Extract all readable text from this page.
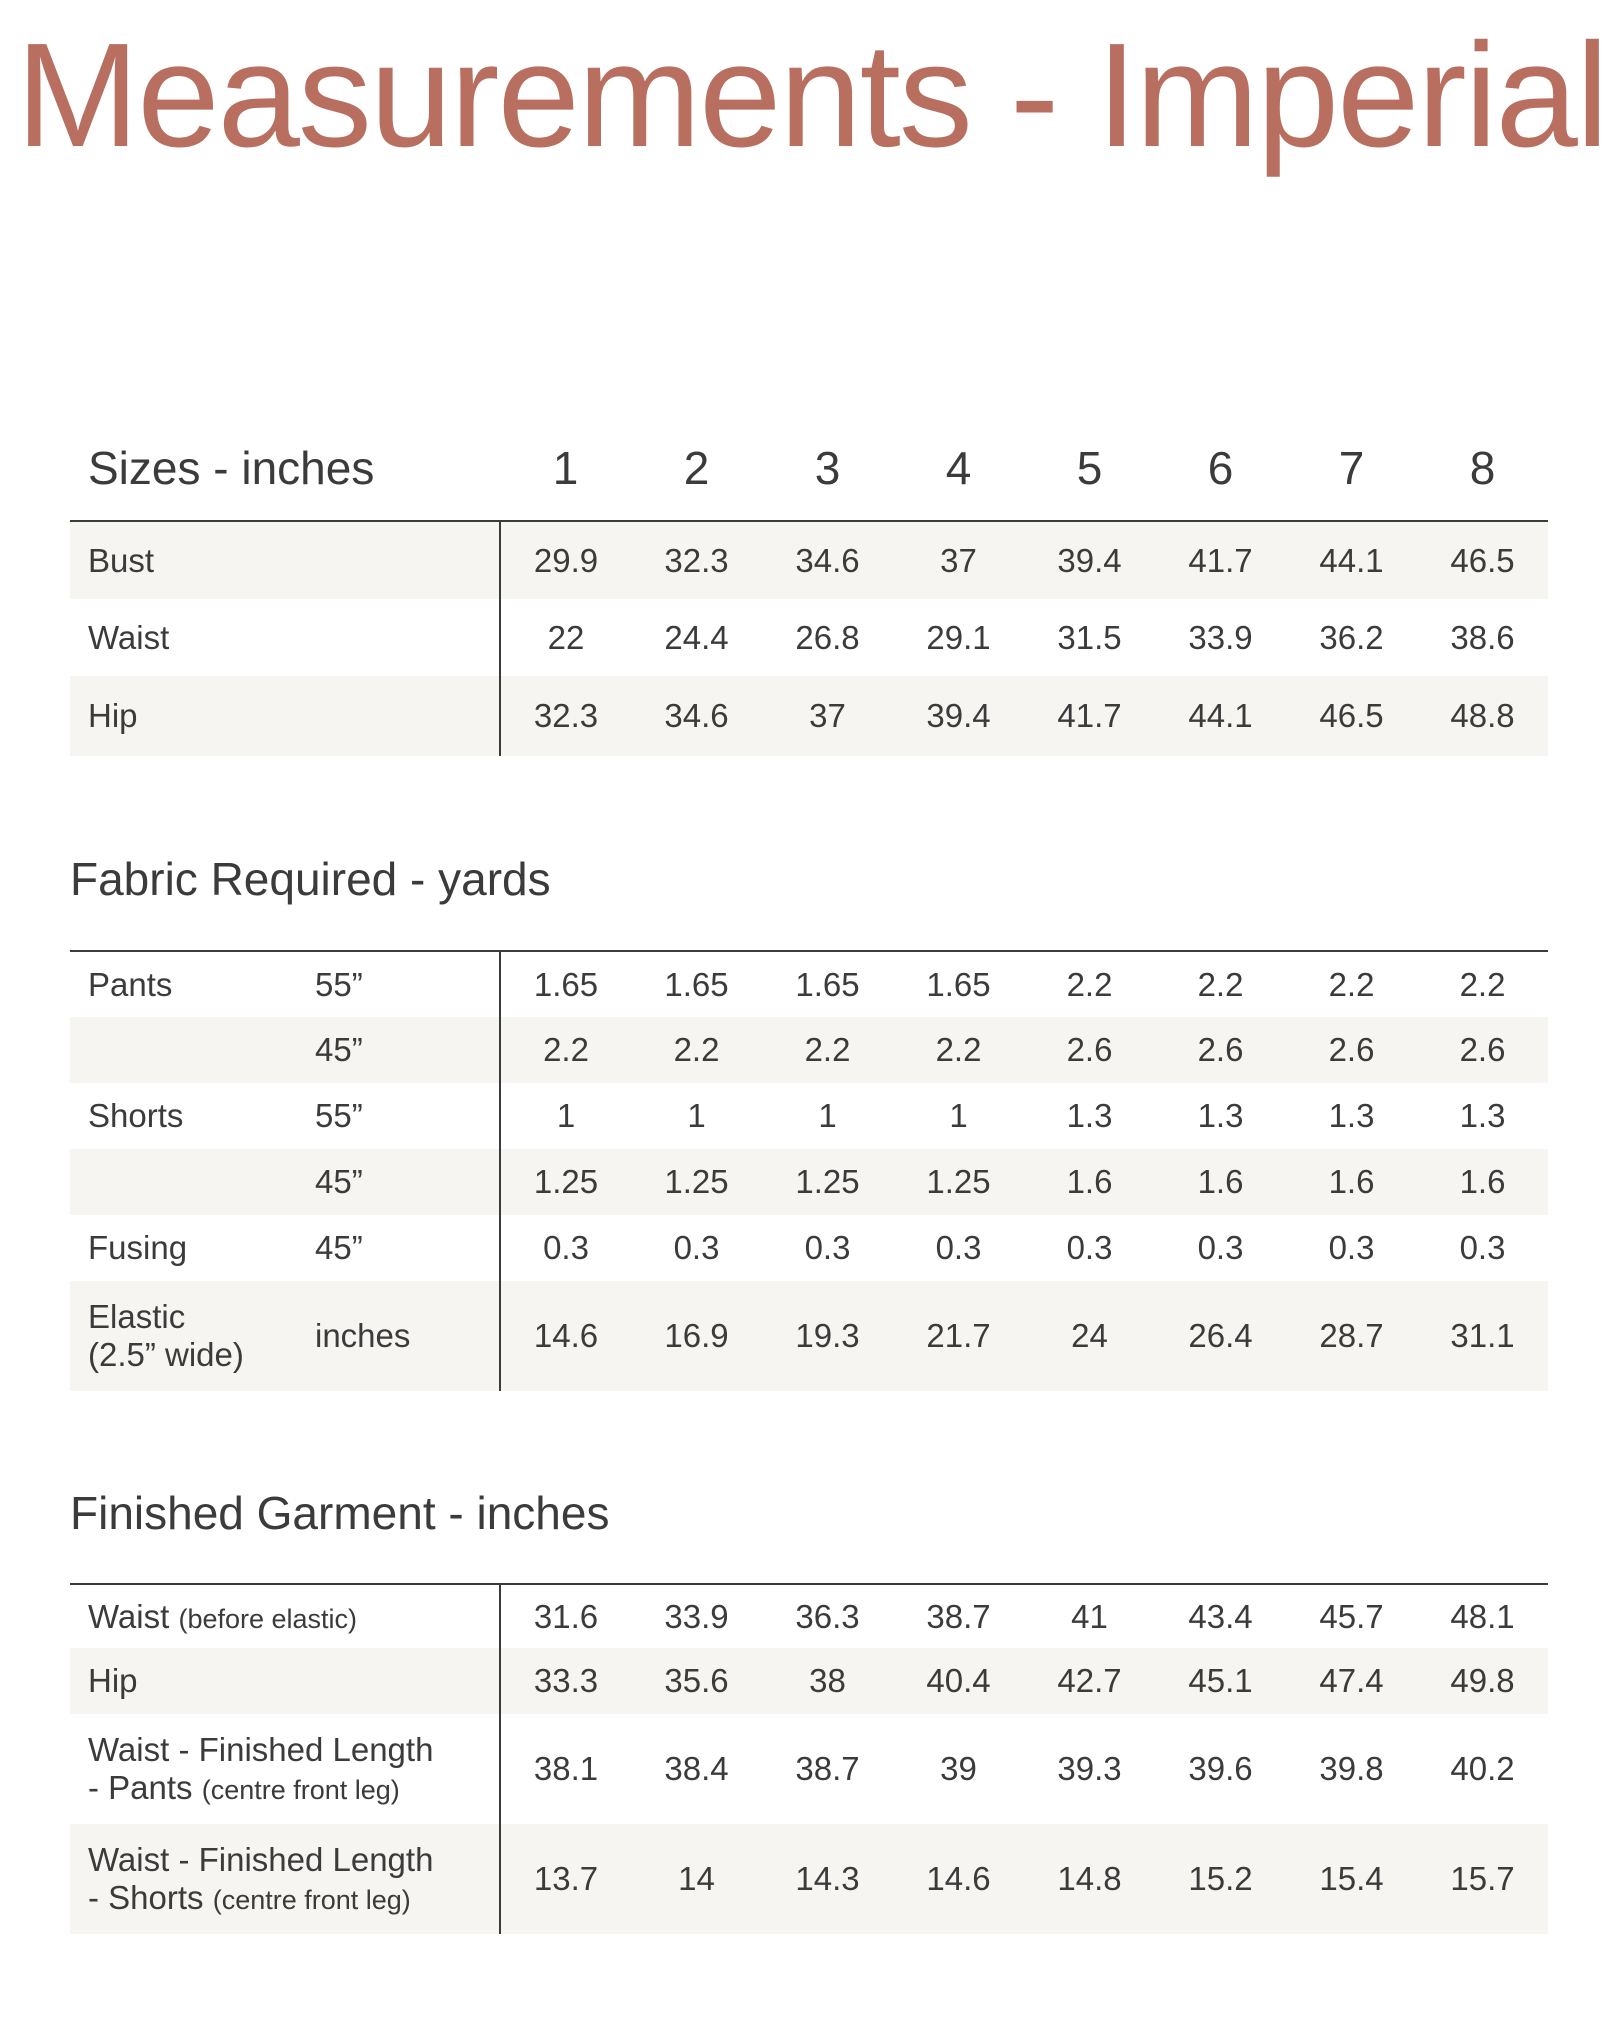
Measurements - Imperial
Sizes - inches	1	2	3	4	5	6	7	8
Bust	29.9	32.3	34.6	37	39.4	41.7	44.1	46.5
Waist	22	24.4	26.8	29.1	31.5	33.9	36.2	38.6
Hip	32.3	34.6	37	39.4	41.7	44.1	46.5	48.8
Fabric Required - yards
Pants	55”	1.65	1.65	1.65	1.65	2.2	2.2	2.2	2.2
	45”	2.2	2.2	2.2	2.2	2.6	2.6	2.6	2.6
Shorts	55”	1	1	1	1	1.3	1.3	1.3	1.3
	45”	1.25	1.25	1.25	1.25	1.6	1.6	1.6	1.6
Fusing	45”	0.3	0.3	0.3	0.3	0.3	0.3	0.3	0.3
Elastic
(2.5” wide)	inches	14.6	16.9	19.3	21.7	24	26.4	28.7	31.1
Finished Garment - inches
Waist (before elastic)	31.6	33.9	36.3	38.7	41	43.4	45.7	48.1
Hip	33.3	35.6	38	40.4	42.7	45.1	47.4	49.8
Waist - Finished Length
- Pants (centre front leg)	38.1	38.4	38.7	39	39.3	39.6	39.8	40.2
Waist - Finished Length
- Shorts (centre front leg)	13.7	14	14.3	14.6	14.8	15.2	15.4	15.7
